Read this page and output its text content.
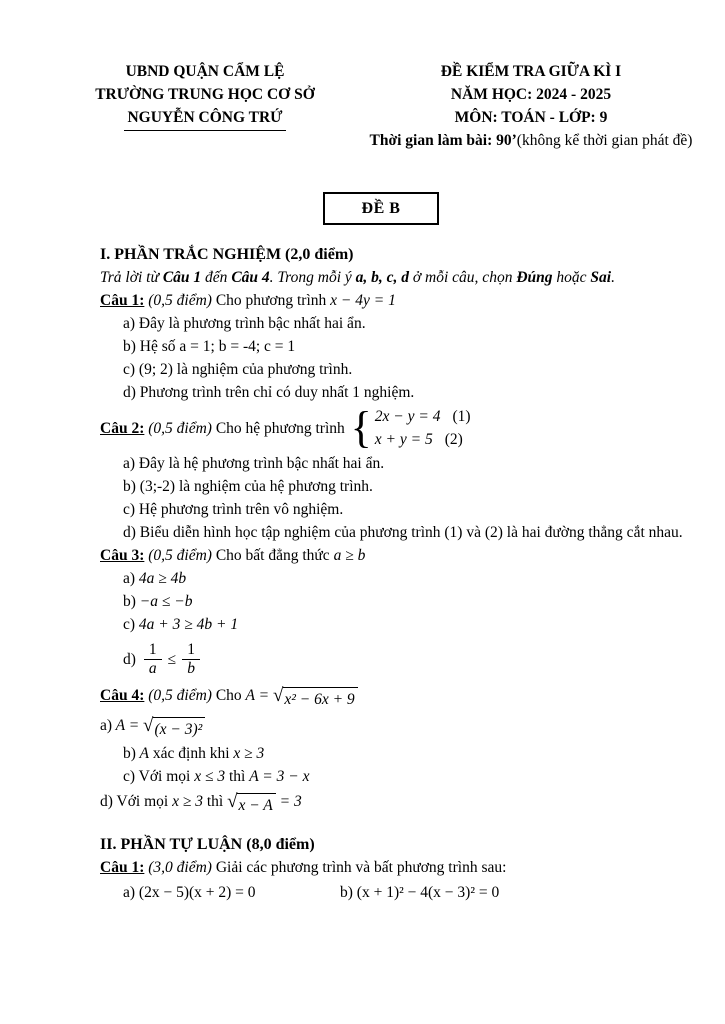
UBND QUẬN CẨM LỆ
TRƯỜNG TRUNG HỌC CƠ SỞ
NGUYỄN CÔNG TRỨ
ĐỀ KIỂM TRA GIỮA KÌ I
NĂM HỌC: 2024 - 2025
MÔN: TOÁN - LỚP: 9
Thời gian làm bài: 90’(không kể thời gian phát đề)
ĐỀ B
I. PHẦN TRẮC NGHIỆM (2,0 điểm)
Trả lời từ Câu 1 đến Câu 4. Trong mỗi ý a, b, c, d ở mỗi câu, chọn Đúng hoặc Sai.
Câu 1: (0,5 điểm) Cho phương trình x − 4y = 1
a) Đây là phương trình bậc nhất hai ẩn.
b) Hệ số a = 1; b = -4; c = 1
c) (9; 2) là nghiệm của phương trình.
d) Phương trình trên chỉ có duy nhất 1 nghiệm.
Câu 2: (0,5 điểm) Cho hệ phương trình { 2x − y = 4 (1)
x + y = 5 (2)
a) Đây là hệ phương trình bậc nhất hai ẩn.
b) (3;-2) là nghiệm của hệ phương trình.
c) Hệ phương trình trên vô nghiệm.
d) Biểu diễn hình học tập nghiệm của phương trình (1) và (2) là hai đường thẳng cắt nhau.
Câu 3: (0,5 điểm) Cho bất đẳng thức a ≥ b
a) 4a ≥ 4b
b) −a ≤ −b
c) 4a + 3 ≥ 4b + 1
$d) \frac{1}{a} \le \frac{1}{b}$
Câu 4: (0,5 điểm) Cho A = √ x² − 6x + 9
a) A = √ (x − 3)²
b) A xác định khi x ≥ 3
c) Với mọi x ≤ 3 thì A = 3 − x
d) Với mọi x ≥ 3 thì √ x − A = 3
II. PHẦN TỰ LUẬN (8,0 điểm)
Câu 1: (3,0 điểm) Giải các phương trình và bất phương trình sau:
a) (2x − 5)(x + 2) = 0	b) (x + 1)² − 4(x − 3)² = 0
